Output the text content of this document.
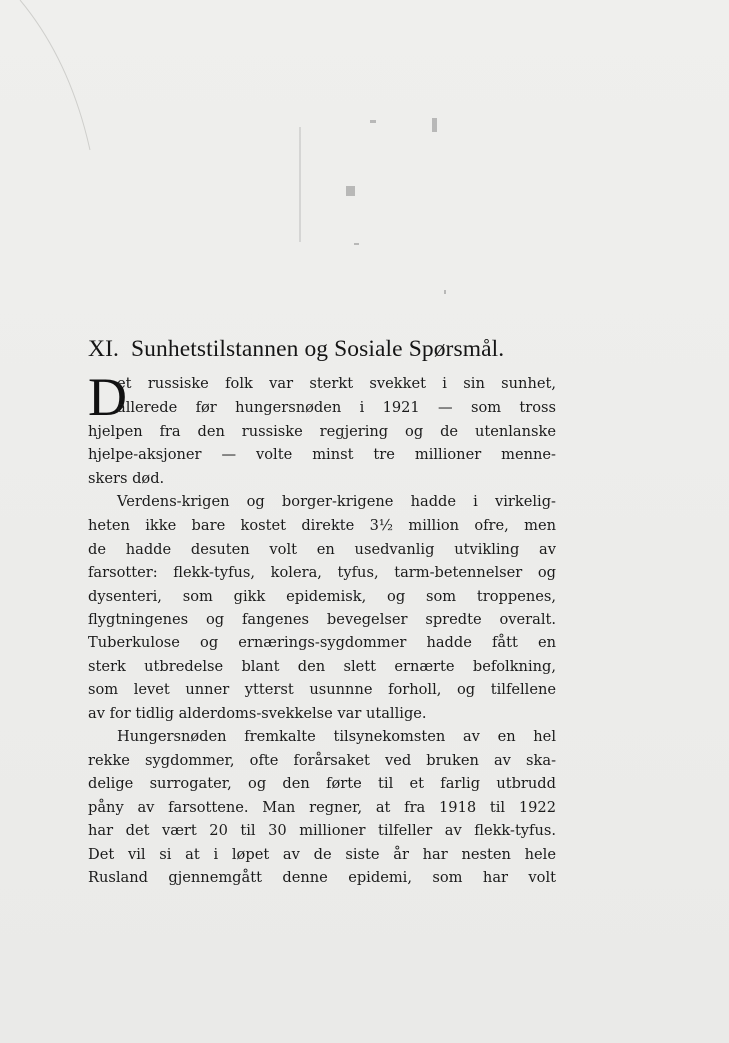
XI. Sunhetstilstannen og Sosiale Spørsmål.
D
et russiske folk var sterkt svekket i sin sunhet,
allerede før hungersnøden i 1921 — som tross
hjelpen fra den russiske regjering og de utenlanske
hjelpe-aksjoner — volte minst tre millioner menne-
skers død.
Verdens-krigen og borger-krigene hadde i virkelig-
heten ikke bare kostet direkte 3½ million ofre, men
de hadde desuten volt en usedvanlig utvikling av
farsotter: flekk-tyfus, kolera, tyfus, tarm-betennelser og
dysenteri, som gikk epidemisk, og som troppenes,
flygtningenes og fangenes bevegelser spredte overalt.
Tuberkulose og ernærings-sygdommer hadde fått en
sterk utbredelse blant den slett ernærte befolkning,
som levet unner ytterst usunnne forholl, og tilfellene
av for tidlig alderdoms-svekkelse var utallige.
Hungersnøden fremkalte tilsynekomsten av en hel
rekke sygdommer, ofte forårsaket ved bruken av ska-
delige surrogater, og den førte til et farlig utbrudd
påny av farsottene. Man regner, at fra 1918 til 1922
har det vært 20 til 30 millioner tilfeller av flekk-tyfus.
Det vil si at i løpet av de siste år har nesten hele
Rusland gjennemgått denne epidemi, som har volt
